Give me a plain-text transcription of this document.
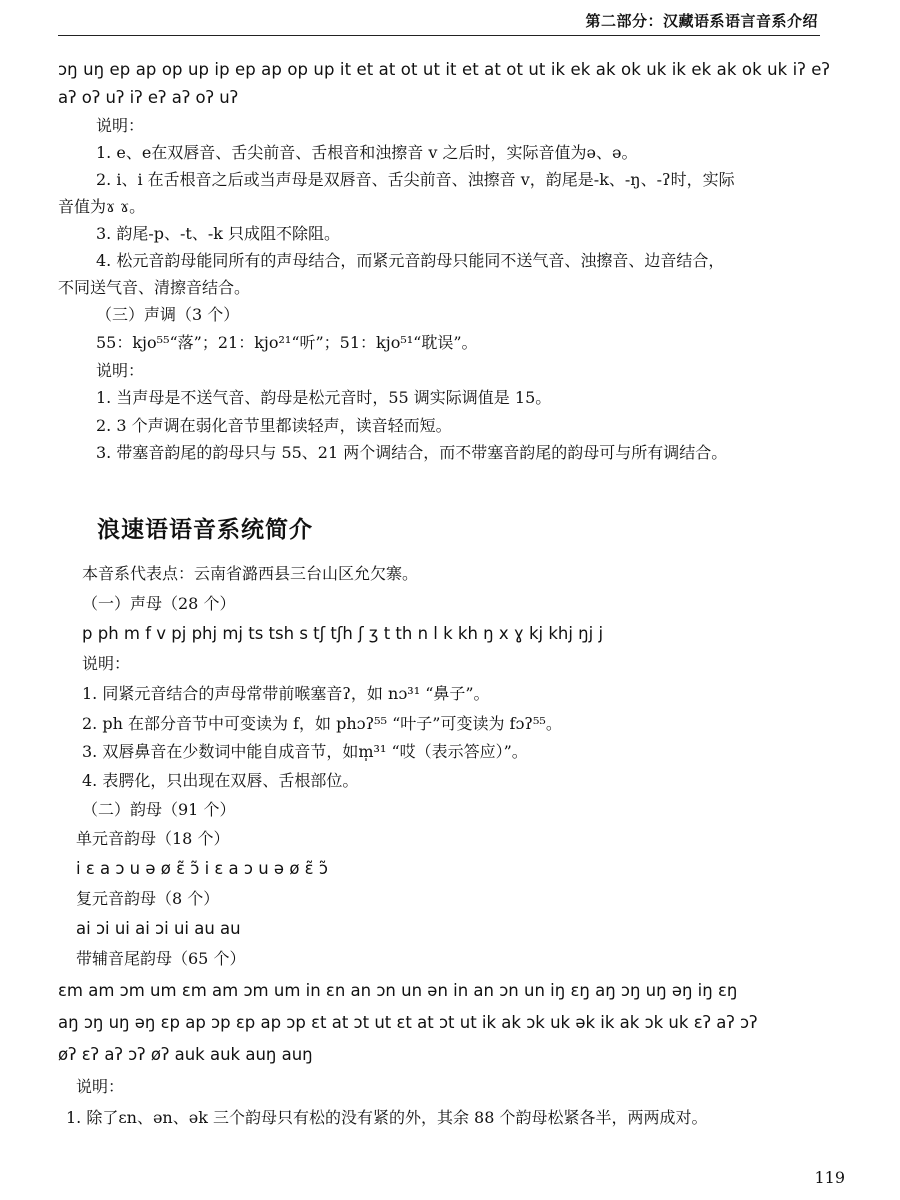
第二部分：汉藏语系语言音系介绍
ɔŋ uŋ ep ap op up ip ep ap op up it et at ot ut it et at ot ut ik ek ak ok uk ik ek ak ok uk iʔ eʔ
aʔ oʔ uʔ iʔ eʔ aʔ oʔ uʔ
说明：
1. e、e在双唇音、舌尖前音、舌根音和浊擦音 v 之后时，实际音值为ə、ə。
2. i、i 在舌根音之后或当声母是双唇音、舌尖前音、浊擦音 v，韵尾是-k、-ŋ、-ʔ时，实际
音值为ɤ ɤ。
3. 韵尾-p、-t、-k 只成阻不除阻。
4. 松元音韵母能同所有的声母结合，而紧元音韵母只能同不送气音、浊擦音、边音结合，
不同送气音、清擦音结合。
（三）声调（3 个）
55：kjo⁵⁵“落”；21：kjo²¹“听”；51：kjo⁵¹“耽误”。
说明：
1. 当声母是不送气音、韵母是松元音时，55 调实际调值是 15。
2. 3 个声调在弱化音节里都读轻声，读音轻而短。
3. 带塞音韵尾的韵母只与 55、21 两个调结合，而不带塞音韵尾的韵母可与所有调结合。
浪速语语音系统简介
本音系代表点：云南省潞西县三台山区允欠寨。
（一）声母（28 个）
p ph m f v pj phj mj ts tsh s tʃ tʃh ʃ ʒ t th n l k kh ŋ x ɣ kj khj ŋj j
说明：
1. 同紧元音结合的声母常带前喉塞音ʔ，如 nɔ³¹ “鼻子”。
2. ph 在部分音节中可变读为 f，如 phɔʔ⁵⁵ “叶子”可变读为 fɔʔ⁵⁵。
3. 双唇鼻音在少数词中能自成音节，如m̩³¹ “哎（表示答应）”。
4. 表腭化，只出现在双唇、舌根部位。
（二）韵母（91 个）
单元音韵母（18 个）
i ɛ a ɔ u ə ø ɛ̃ ɔ̃ i ɛ a ɔ u ə ø ɛ̃ ɔ̃
复元音韵母（8 个）
ai ɔi ui ai ɔi ui au au
带辅音尾韵母（65 个）
ɛm am ɔm um ɛm am ɔm um in ɛn an ɔn un ən in an ɔn un iŋ ɛŋ aŋ ɔŋ uŋ əŋ iŋ ɛŋ
aŋ ɔŋ uŋ əŋ ɛp ap ɔp ɛp ap ɔp ɛt at ɔt ut ɛt at ɔt ut ik ak ɔk uk ək ik ak ɔk uk ɛʔ aʔ ɔʔ
øʔ ɛʔ aʔ ɔʔ øʔ auk auk auŋ auŋ
说明：
1. 除了ɛn、ən、ək 三个韵母只有松的没有紧的外，其余 88 个韵母松紧各半，两两成对。
119
